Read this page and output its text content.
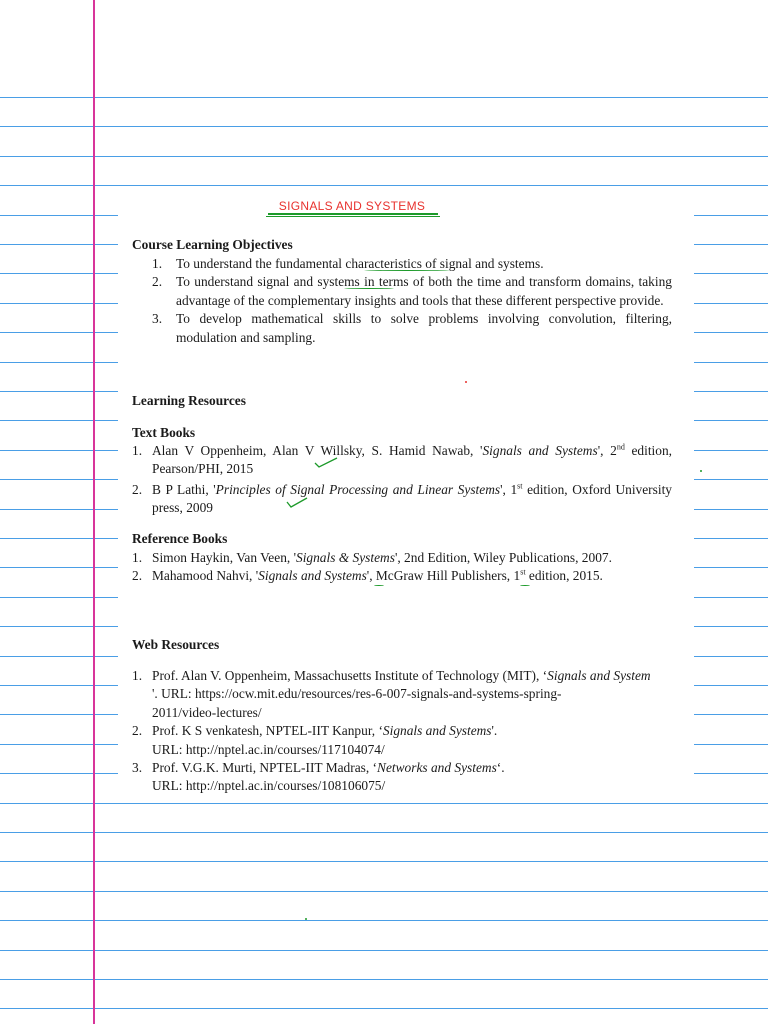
SIGNALS AND SYSTEMS
Course Learning Objectives
1. To understand the fundamental characteristics of signal and systems.
2. To understand signal and systems in terms of both the time and transform domains, taking advantage of the complementary insights and tools that these different perspective provide.
3. To develop mathematical skills to solve problems involving convolution, filtering, modulation and sampling.
Learning Resources
Text Books
1. Alan V Oppenheim, Alan V Willsky, S. Hamid Nawab, 'Signals and Systems', 2nd edition, Pearson/PHI, 2015
2. B P Lathi, 'Principles of Signal Processing and Linear Systems', 1st edition, Oxford University press, 2009
Reference Books
1. Simon Haykin, Van Veen, 'Signals & Systems', 2nd Edition, Wiley Publications, 2007.
2. Mahamood Nahvi, 'Signals and Systems', McGraw Hill Publishers, 1st edition, 2015.
Web Resources
1. Prof. Alan V. Oppenheim, Massachusetts Institute of Technology (MIT), ‘Signals and System
'. URL: https://ocw.mit.edu/resources/res-6-007-signals-and-systems-spring-
2011/video-lectures/
2. Prof. K S venkatesh, NPTEL-IIT Kanpur, ‘Signals and Systems'.
URL: http://nptel.ac.in/courses/117104074/
3. Prof. V.G.K. Murti, NPTEL-IIT Madras, ‘Networks and Systems‘.
URL: http://nptel.ac.in/courses/108106075/
